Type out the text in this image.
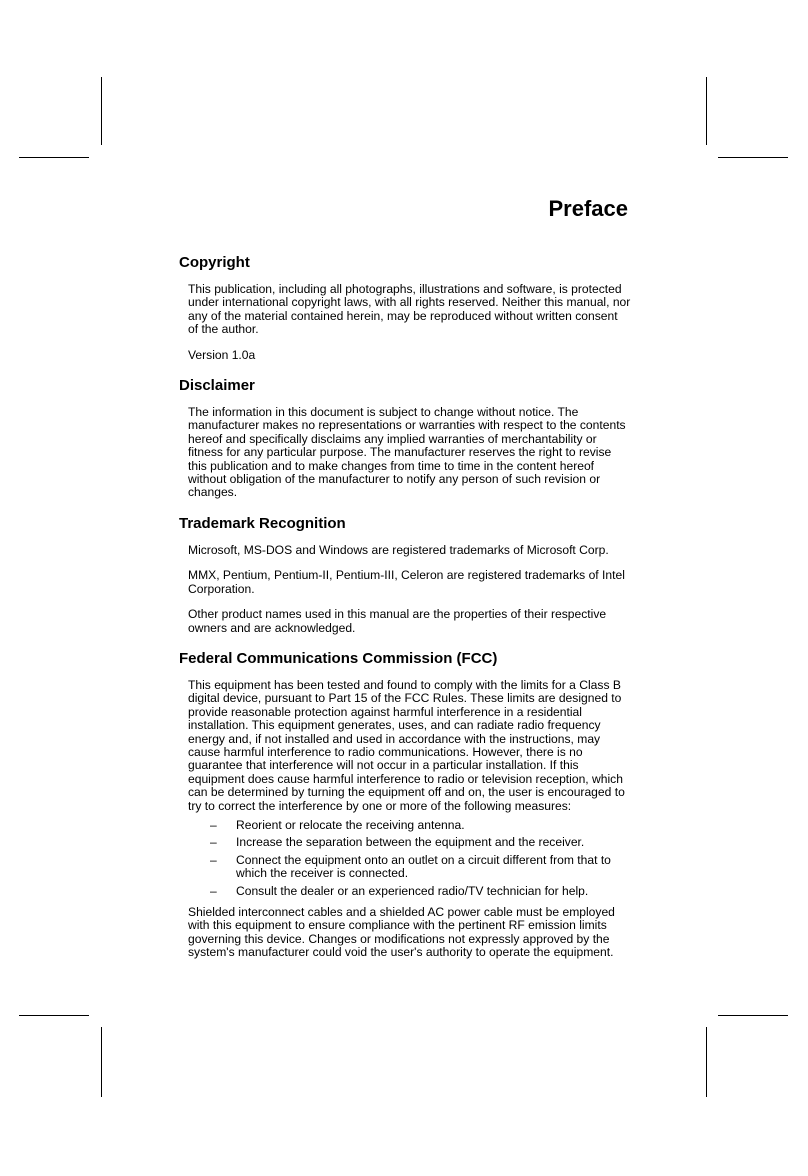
Preface
Copyright

This publication, including all photographs, illustrations and software, is protected under international copyright laws, with all rights reserved. Neither this manual, nor any of the material contained herein, may be reproduced without written consent of the author.

Version 1.0a

Disclaimer

The information in this document is subject to change without notice. The manufacturer makes no representations or warranties with respect to the contents hereof and specifically disclaims any implied warranties of merchantability or fitness for any particular purpose. The manufacturer reserves the right to revise this publication and to make changes from time to time in the content hereof without obligation of the manufacturer to notify any person of such revision or changes.

Trademark Recognition

Microsoft, MS-DOS and Windows are registered trademarks of Microsoft Corp.

MMX, Pentium, Pentium-II, Pentium-III, Celeron are registered trademarks of Intel Corporation.

Other product names used in this manual are the properties of their respective owners and are acknowledged.

Federal Communications Commission (FCC)

This equipment has been tested and found to comply with the limits for a Class B digital device, pursuant to Part 15 of the FCC Rules. These limits are designed to provide reasonable protection against harmful interference in a residential installation. This equipment generates, uses, and can radiate radio frequency energy and, if not installed and used in accordance with the instructions, may cause harmful interference to radio communications. However, there is no guarantee that interference will not occur in a particular installation. If this equipment does cause harmful interference to radio or television reception, which can be determined by turning the equipment off and on, the user is encouraged to try to correct the interference by one or more of the following measures:

– Reorient or relocate the receiving antenna.
– Increase the separation between the equipment and the receiver.
– Connect the equipment onto an outlet on a circuit different from that to which the receiver is connected.
– Consult the dealer or an experienced radio/TV technician for help.

Shielded interconnect cables and a shielded AC power cable must be employed with this equipment to ensure compliance with the pertinent RF emission limits governing this device. Changes or modifications not expressly approved by the system's manufacturer could void the user's authority to operate the equipment.
